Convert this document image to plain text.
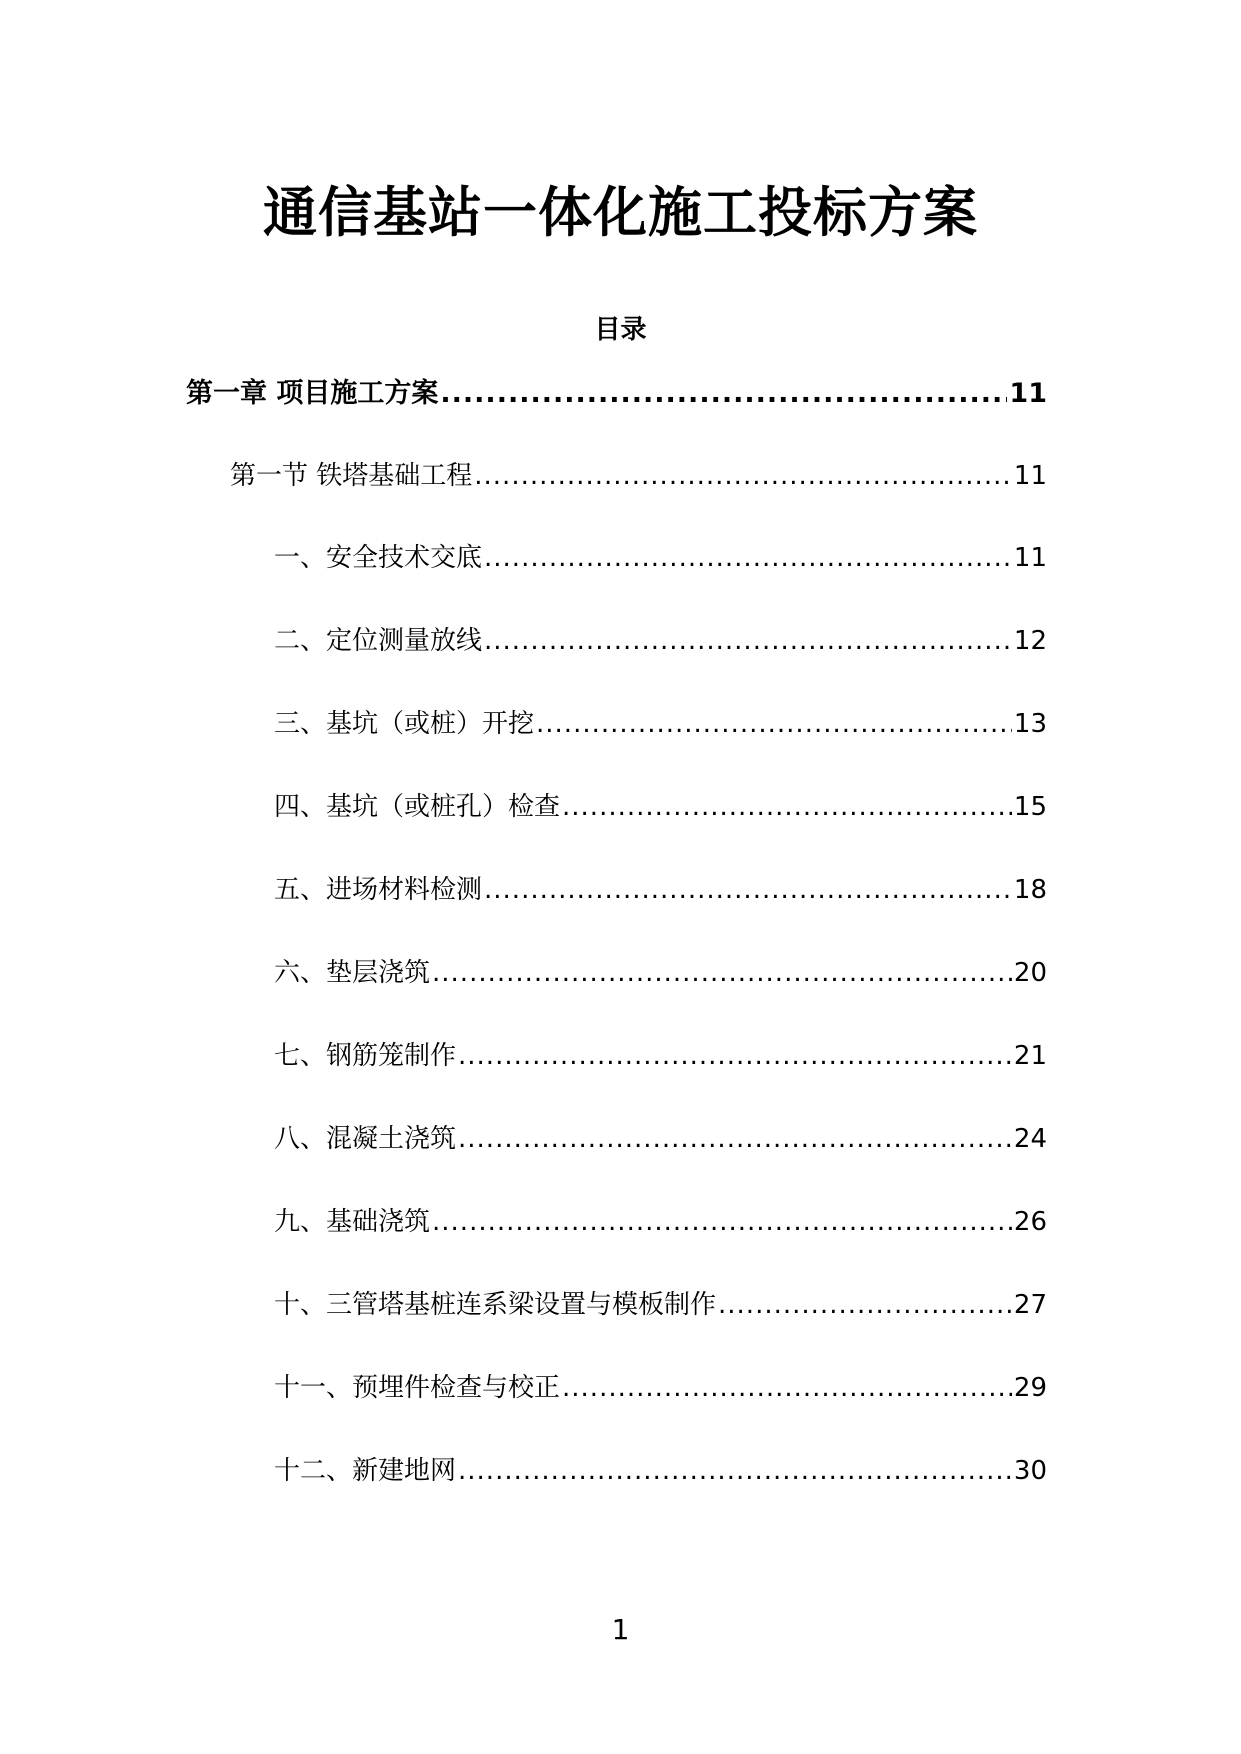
通信基站一体化施工投标方案
目录
第一章 项目施工方案 .....	11
第一节 铁塔基础工程 .....	11
一、安全技术交底 .....	11
二、定位测量放线 .....	12
三、基坑（或桩）开挖 .....	13
四、基坑（或桩孔）检查 .....	15
五、进场材料检测 .....	18
六、垫层浇筑 .....	20
七、钢筋笼制作 .....	21
八、混凝土浇筑 .....	24
九、基础浇筑 .....	26
十、三管塔基桩连系梁设置与模板制作 .....	27
十一、预埋件检查与校正 .....	29
十二、新建地网 .....	30
1
